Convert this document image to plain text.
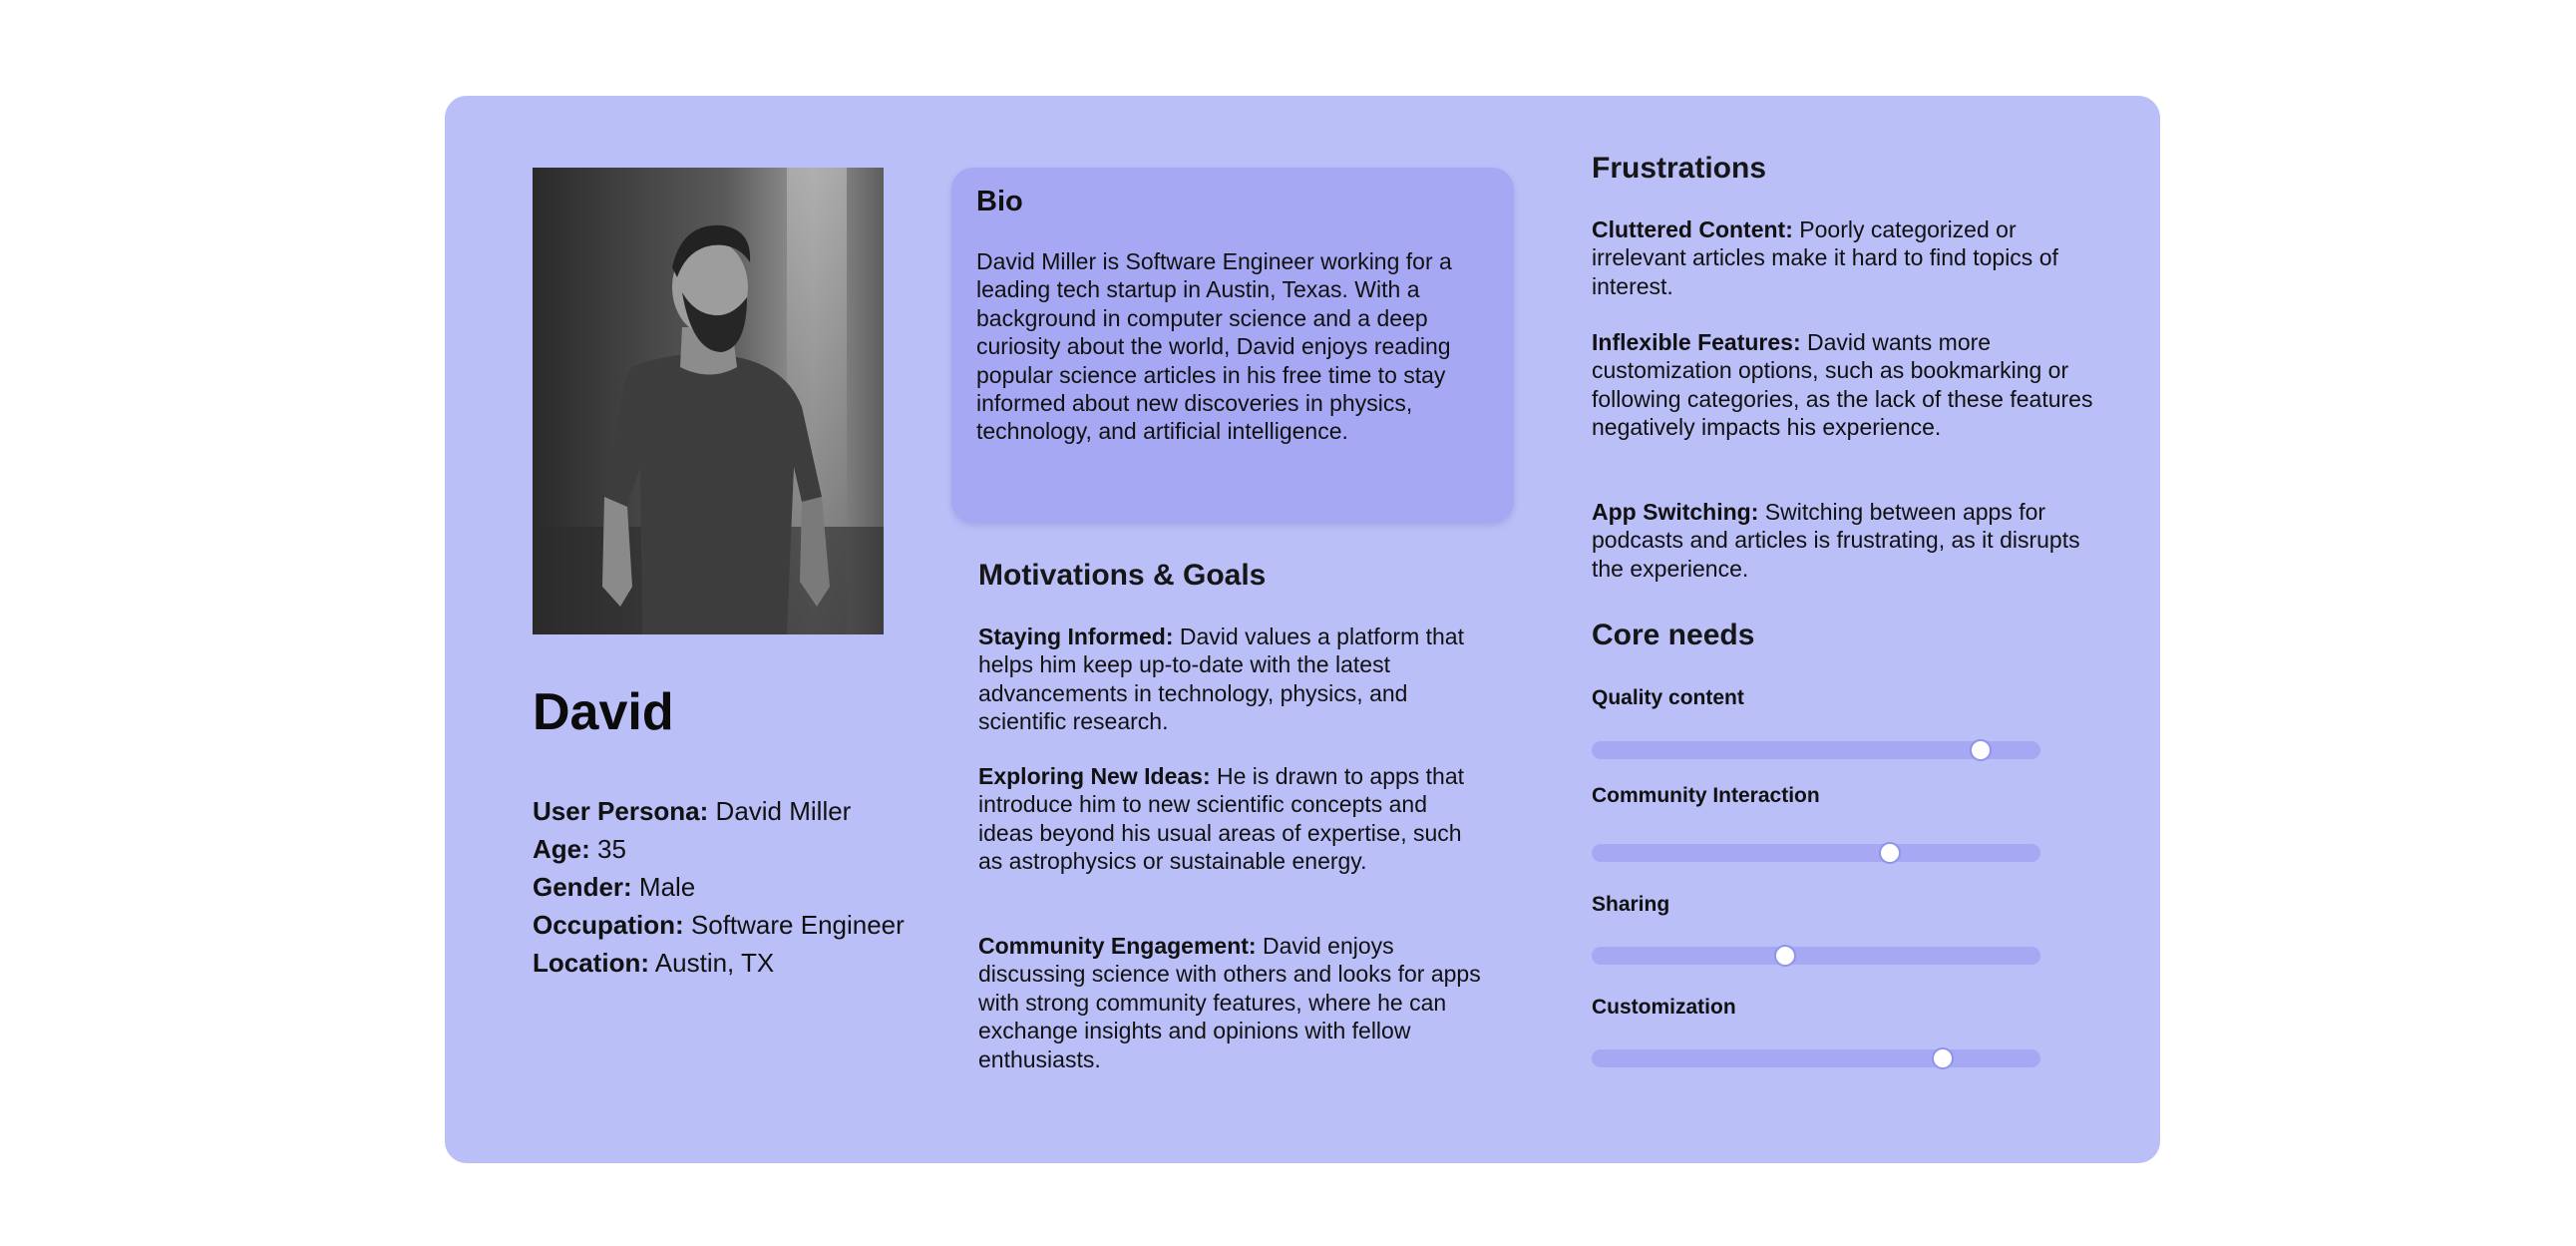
David

User Persona: David Miller

Age: 35

Gender: Male

Occupation: Software Engineer

Location: Austin, TX

Bio

David Miller is Software Engineer working for a leading tech startup in Austin, Texas. With a background in computer science and a deep curiosity about the world, David enjoys reading popular science articles in his free time to stay informed about new discoveries in physics, technology, and artificial intelligence.

Motivations & Goals

Staying Informed: David values a platform that helps him keep up-to-date with the latest advancements in technology, physics, and scientific research.

Exploring New Ideas: He is drawn to apps that introduce him to new scientific concepts and ideas beyond his usual areas of expertise, such as astrophysics or sustainable energy.

Community Engagement: David enjoys discussing science with others and looks for apps with strong community features, where he can exchange insights and opinions with fellow enthusiasts.

Frustrations

Cluttered Content: Poorly categorized or irrelevant articles make it hard to find topics of interest.

Inflexible Features: David wants more customization options, such as bookmarking or following categories, as the lack of these features negatively impacts his experience.

App Switching: Switching between apps for podcasts and articles is frustrating, as it disrupts the experience.

Core needs

Quality content

Community Interaction

Sharing

Customization
